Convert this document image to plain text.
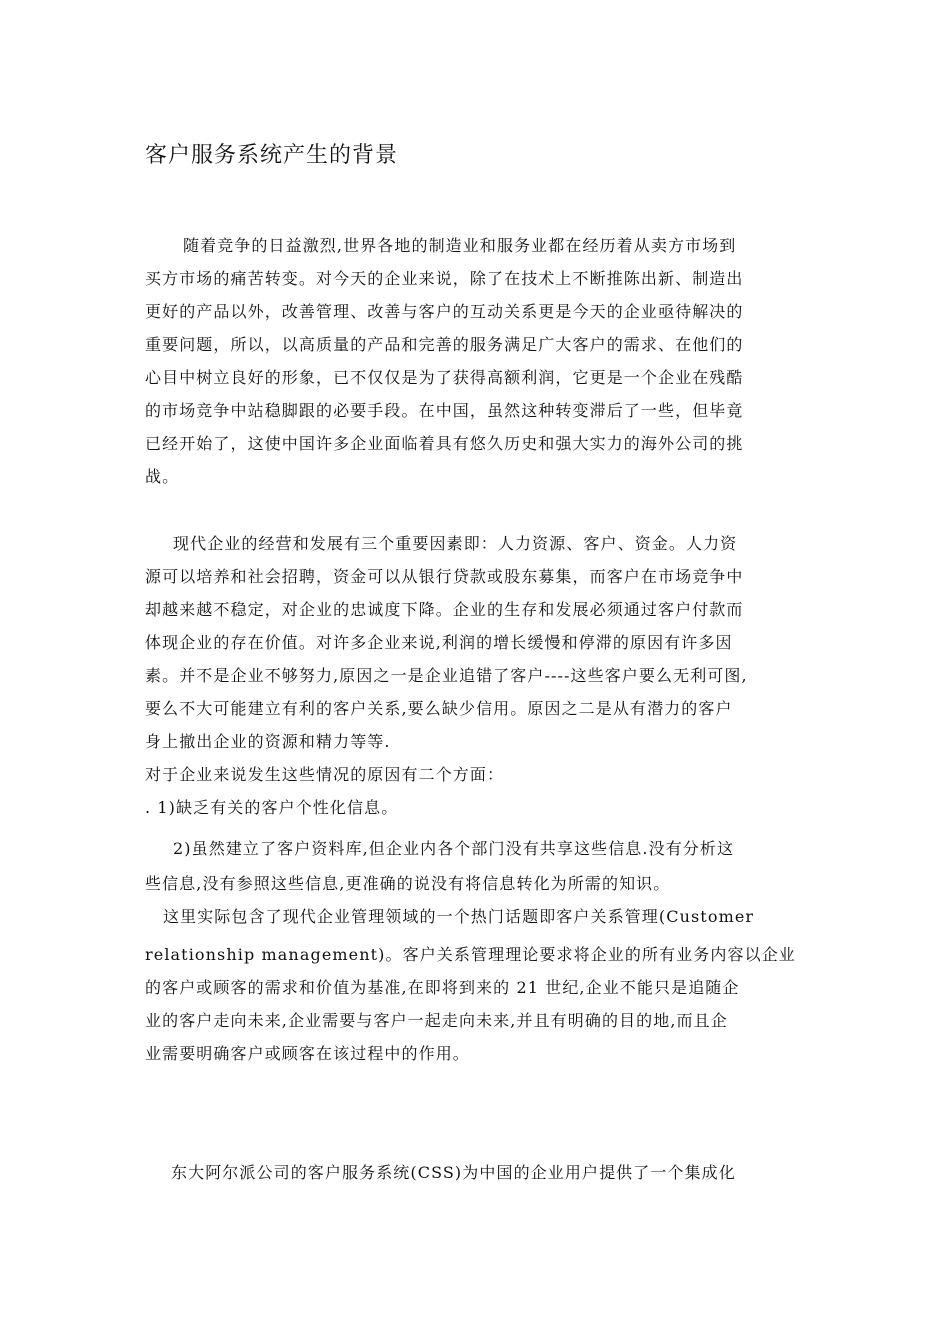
客户服务系统产生的背景
随着竞争的日益激烈,世界各地的制造业和服务业都在经历着从卖方市场到
买方市场的痛苦转变。对今天的企业来说，除了在技术上不断推陈出新、制造出
更好的产品以外，改善管理、改善与客户的互动关系更是今天的企业亟待解决的
重要问题，所以，以高质量的产品和完善的服务满足广大客户的需求、在他们的
心目中树立良好的形象，已不仅仅是为了获得高额利润，它更是一个企业在残酷
的市场竞争中站稳脚跟的必要手段。在中国，虽然这种转变滞后了一些，但毕竟
已经开始了，这使中国许多企业面临着具有悠久历史和强大实力的海外公司的挑
战。
现代企业的经营和发展有三个重要因素即：人力资源、客户、资金。人力资
源可以培养和社会招聘，资金可以从银行贷款或股东募集，而客户在市场竞争中
却越来越不稳定，对企业的忠诚度下降。企业的生存和发展必须通过客户付款而
体现企业的存在价值。对许多企业来说,利润的增长缓慢和停滞的原因有许多因
素。并不是企业不够努力,原因之一是企业追错了客户----这些客户要么无利可图,
要么不大可能建立有利的客户关系,要么缺少信用。原因之二是从有潜力的客户
身上撤出企业的资源和精力等等.
对于企业来说发生这些情况的原因有二个方面：
. 1)缺乏有关的客户个性化信息。
2)虽然建立了客户资料库,但企业内各个部门没有共享这些信息.没有分析这
些信息,没有参照这些信息,更准确的说没有将信息转化为所需的知识。
这里实际包含了现代企业管理领域的一个热门话题即客户关系管理(Customer
relationship management)。客户关系管理理论要求将企业的所有业务内容以企业
的客户或顾客的需求和价值为基准,在即将到来的 21 世纪,企业不能只是追随企
业的客户走向未来,企业需要与客户一起走向未来,并且有明确的目的地,而且企
业需要明确客户或顾客在该过程中的作用。
东大阿尔派公司的客户服务系统(CSS)为中国的企业用户提供了一个集成化
